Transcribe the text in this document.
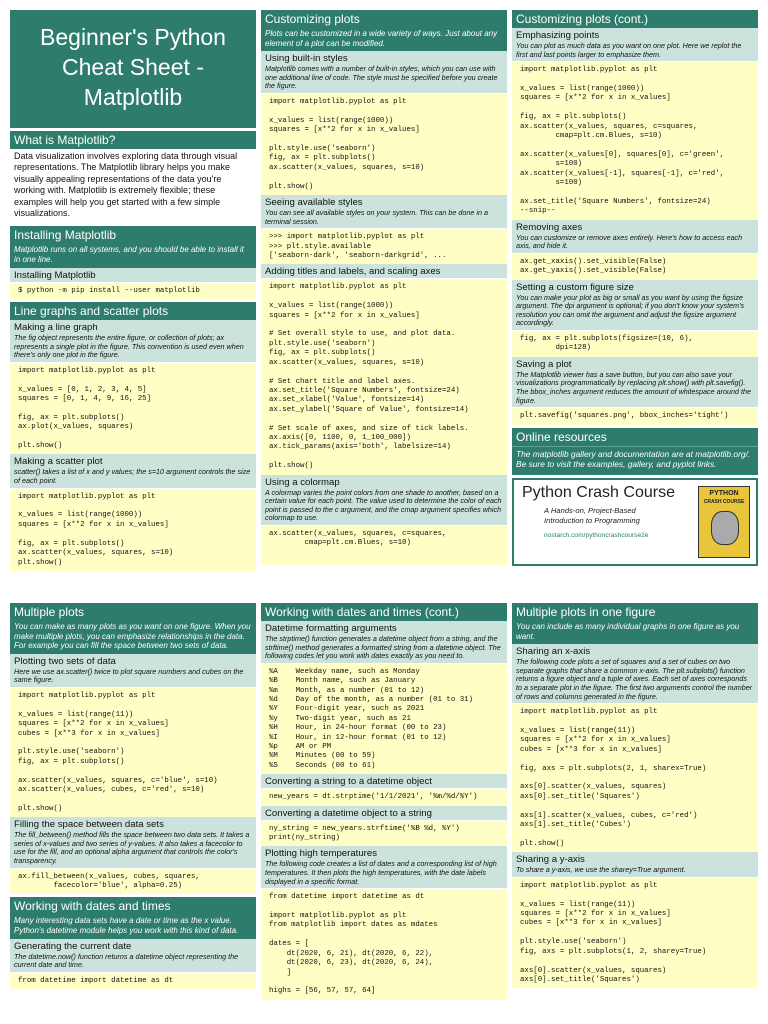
Beginner's Python Cheat Sheet - Matplotlib
What is Matplotlib?
Data visualization involves exploring data through visual representations. The Matplotlib library helps you make visually appealing representations of the data you're working with. Matplotlib is extremely flexible; these examples will help you get started with a few simple visualizations.
Installing Matplotlib
Matplotlib runs on all systems, and you should be able to install it in one line.
Installing Matplotlib
$ python -m pip install --user matplotlib
Line graphs and scatter plots
Making a line graph
The fig object represents the entire figure, or collection of plots; ax represents a single plot in the figure. This convention is used even when there's only one plot in the figure.
import matplotlib.pyplot as plt

x_values = [0, 1, 2, 3, 4, 5]
squares = [0, 1, 4, 9, 16, 25]

fig, ax = plt.subplots()
ax.plot(x_values, squares)

plt.show()
Making a scatter plot
scatter() takes a list of x and y values; the s=10 argument controls the size of each point.
import matplotlib.pyplot as plt

x_values = list(range(1000))
squares = [x**2 for x in x_values]

fig, ax = plt.subplots()
ax.scatter(x_values, squares, s=10)
plt.show()
Customizing plots
Plots can be customized in a wide variety of ways. Just about any element of a plot can be modified.
Using built-in styles
Matplotlib comes with a number of built-in styles, which you can use with one additional line of code. The style must be specified before you create the figure.
import matplotlib.pyplot as plt

x_values = list(range(1000))
squares = [x**2 for x in x_values]

plt.style.use('seaborn')
fig, ax = plt.subplots()
ax.scatter(x_values, squares, s=10)

plt.show()
Seeing available styles
You can see all available styles on your system. This can be done in a terminal session.
>>> import matplotlib.pyplot as plt
>>> plt.style.available
['seaborn-dark', 'seaborn-darkgrid', ...
Adding titles and labels, and scaling axes
import matplotlib.pyplot as plt

x_values = list(range(1000))
squares = [x**2 for x in x_values]

# Set overall style to use, and plot data.
plt.style.use('seaborn')
fig, ax = plt.subplots()
ax.scatter(x_values, squares, s=10)

# Set chart title and label axes.
ax.set_title('Square Numbers', fontsize=24)
ax.set_xlabel('Value', fontsize=14)
ax.set_ylabel('Square of Value', fontsize=14)

# Set scale of axes, and size of tick labels.
ax.axis([0, 1100, 0, 1_100_000])
ax.tick_params(axis='both', labelsize=14)

plt.show()
Using a colormap
A colormap varies the point colors from one shade to another, based on a certain value for each point. The value used to determine the color of each point is passed to the c argument, and the cmap argument specifies which colormap to use.
ax.scatter(x_values, squares, c=squares,
cmap=plt.cm.Blues, s=10)
Customizing plots (cont.)
Emphasizing points
You can plot as much data as you want on one plot. Here we replot the first and last points larger to emphasize them.
import matplotlib.pyplot as plt

x_values = list(range(1000))
squares = [x**2 for x in x_values]

fig, ax = plt.subplots()
ax.scatter(x_values, squares, c=squares,
cmap=plt.cm.Blues, s=10)

ax.scatter(x_values[0], squares[0], c='green',
s=100)
ax.scatter(x_values[-1], squares[-1], c='red',
s=100)

ax.set_title('Square Numbers', fontsize=24)
--snip--
Removing axes
You can customize or remove axes entirely. Here's how to access each axis, and hide it.
ax.get_xaxis().set_visible(False)
ax.get_yaxis().set_visible(False)
Setting a custom figure size
You can make your plot as big or small as you want by using the figsize argument. The dpi argument is optional; if you don't know your system's resolution you can omit the argument and adjust the figsize argument accordingly.
fig, ax = plt.subplots(figsize=(10, 6),
dpi=128)
Saving a plot
The Matplotlib viewer has a save button, but you can also save your visualizations programmatically by replacing plt.show() with plt.savefig(). The bbox_inches argument reduces the amount of whitespace around the figure.
plt.savefig('squares.png', bbox_inches='tight')
Online resources
The matplotlib gallery and documentation are at matplotlib.org/. Be sure to visit the examples, gallery, and pyplot links.
Python Crash Course
A Hands-on, Project-Based
Introduction to Programming
nostarch.com/pythoncrashcourse2e
PYTHON
CRASH COURSE
Multiple plots
You can make as many plots as you want on one figure. When you make multiple plots, you can emphasize relationships in the data. For example you can fill the space between two sets of data.
Plotting two sets of data
Here we use ax.scatter() twice to plot square numbers and cubes on the same figure.
import matplotlib.pyplot as plt

x_values = list(range(11))
squares = [x**2 for x in x_values]
cubes = [x**3 for x in x_values]

plt.style.use('seaborn')
fig, ax = plt.subplots()

ax.scatter(x_values, squares, c='blue', s=10)
ax.scatter(x_values, cubes, c='red', s=10)

plt.show()
Filling the space between data sets
The fill_between() method fills the space between two data sets. It takes a series of x-values and two series of y-values. It also takes a facecolor to use for the fill, and an optional alpha argument that controls the color's transparency.
ax.fill_between(x_values, cubes, squares,
facecolor='blue', alpha=0.25)
Working with dates and times
Many interesting data sets have a date or time as the x value. Python's datetime module helps you work with this kind of data.
Generating the current date
The datetime.now() function returns a datetime object representing the current date and time.
from datetime import datetime as dt
Working with dates and times (cont.)
Datetime formatting arguments
The strptime() function generates a datetime object from a string, and the strftime() method generates a formatted string from a datetime object. The following codes let you work with dates exactly as you need to.
%A    Weekday name, such as Monday
%B    Month name, such as January
%m    Month, as a number (01 to 12)
%d    Day of the month, as a number (01 to 31)
%Y    Four-digit year, such as 2021
%y    Two-digit year, such as 21
%H    Hour, in 24-hour format (00 to 23)
%I    Hour, in 12-hour format (01 to 12)
%p    AM or PM
%M    Minutes (00 to 59)
%S    Seconds (00 to 61)
Converting a string to a datetime object
new_years = dt.strptime('1/1/2021', '%m/%d/%Y')
Converting a datetime object to a string
ny_string = new_years.strftime('%B %d, %Y')
print(ny_string)
Plotting high temperatures
The following code creates a list of dates and a corresponding list of high temperatures. It then plots the high temperatures, with the date labels displayed in a specific format.
from datetime import datetime as dt

import matplotlib.pyplot as plt
from matplotlib import dates as mdates

dates = [
dt(2020, 6, 21), dt(2020, 6, 22),
dt(2020, 6, 23), dt(2020, 6, 24),
]

highs = [56, 57, 57, 64]
Multiple plots in one figure
You can include as many individual graphs in one figure as you want.
Sharing an x-axis
The following code plots a set of squares and a set of cubes on two separate graphs that share a common x-axis. The plt.subplots() function returns a figure object and a tuple of axes. Each set of axes corresponds to a separate plot in the figure. The first two arguments control the number of rows and columns generated in the figure.
import matplotlib.pyplot as plt

x_values = list(range(11))
squares = [x**2 for x in x_values]
cubes = [x**3 for x in x_values]

fig, axs = plt.subplots(2, 1, sharex=True)

axs[0].scatter(x_values, squares)
axs[0].set_title('Squares')

axs[1].scatter(x_values, cubes, c='red')
axs[1].set_title('Cubes')

plt.show()
Sharing a y-axis
To share a y-axis, we use the sharey=True argument.
import matplotlib.pyplot as plt

x_values = list(range(11))
squares = [x**2 for x in x_values]
cubes = [x**3 for x in x_values]

plt.style.use('seaborn')
fig, axs = plt.subplots(1, 2, sharey=True)

axs[0].scatter(x_values, squares)
axs[0].set_title('Squares')
